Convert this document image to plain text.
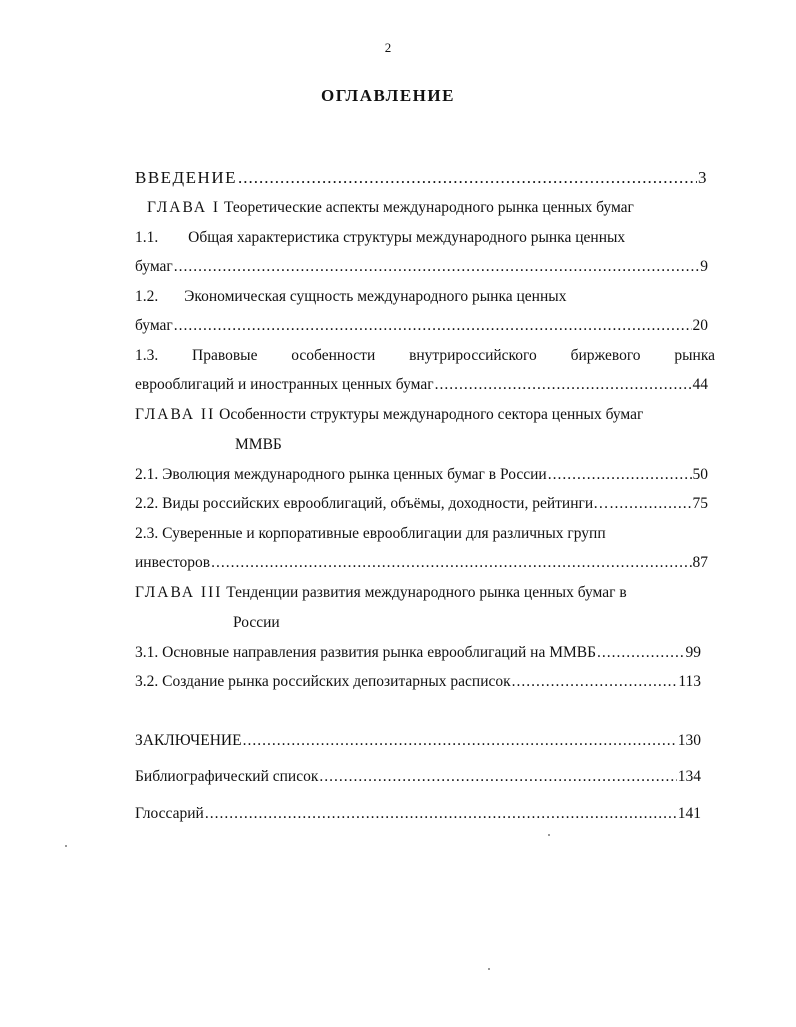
2
ОГЛАВЛЕНИЕ
ВВЕДЕНИЕ .....	3
ГЛАВА I Теоретические аспекты международного рынка ценных бумаг
1.1. Общая характеристика структуры международного рынка ценных
бумаг .....	9
1.2. Экономическая сущность международного рынка ценных
бумаг .....	20
1.3. Правовые особенности внутрироссийского биржевого рынка
еврооблигаций и иностранных ценных бумаг .....	44
ГЛАВА II Особенности структуры международного сектора ценных бумаг
ММВБ
2.1. Эволюция международного рынка ценных бумаг в России .....	50
2.2. Виды российских еврооблигаций, объёмы, доходности, рейтинги… .....	75
2.3. Суверенные и корпоративные еврооблигации для различных групп
инвесторов .....	87
ГЛАВА III Тенденции развития международного рынка ценных бумаг в
России
3.1. Основные направления развития рынка еврооблигаций на ММВБ .....	99
3.2. Создание рынка российских депозитарных расписок .....	113
ЗАКЛЮЧЕНИЕ .....	130
Библиографический список .....	134
Глоссарий .....	141
